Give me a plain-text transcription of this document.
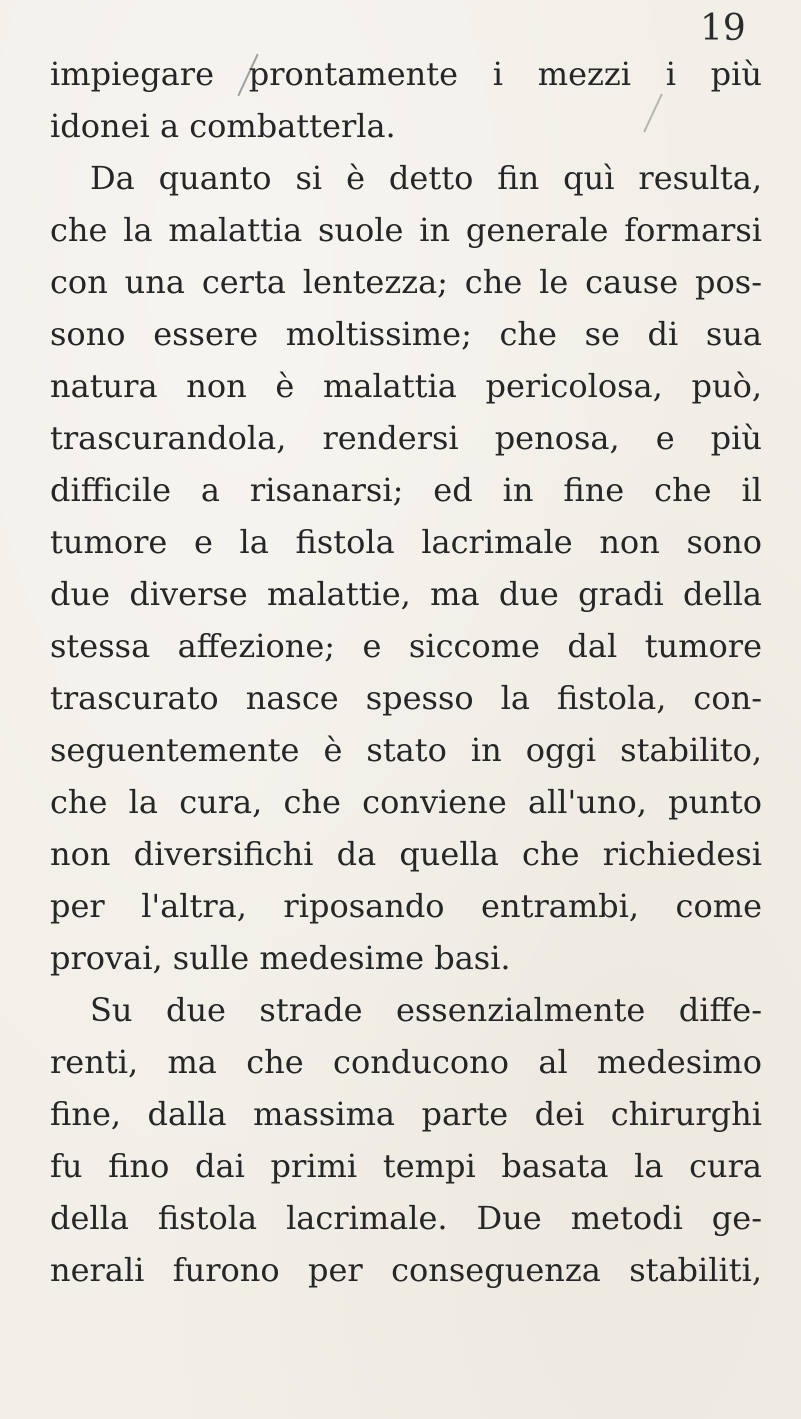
19
impiegare prontamente i mezzi i più
idonei a combatterla.
Da quanto si è detto fin quì resulta,
che la malattia suole in generale formarsi
con una certa lentezza; che le cause pos-
sono essere moltissime; che se di sua
natura non è malattia pericolosa, può,
trascurandola, rendersi penosa, e più
difficile a risanarsi; ed in fine che il
tumore e la fistola lacrimale non sono
due diverse malattie, ma due gradi della
stessa affezione; e siccome dal tumore
trascurato nasce spesso la fistola, con-
seguentemente è stato in oggi stabilito,
che la cura, che conviene all'uno, punto
non diversifichi da quella che richiedesi
per l'altra, riposando entrambi, come
provai, sulle medesime basi.
Su due strade essenzialmente diffe-
renti, ma che conducono al medesimo
fine, dalla massima parte dei chirurghi
fu fino dai primi tempi basata la cura
della fistola lacrimale. Due metodi ge-
nerali furono per conseguenza stabiliti,
